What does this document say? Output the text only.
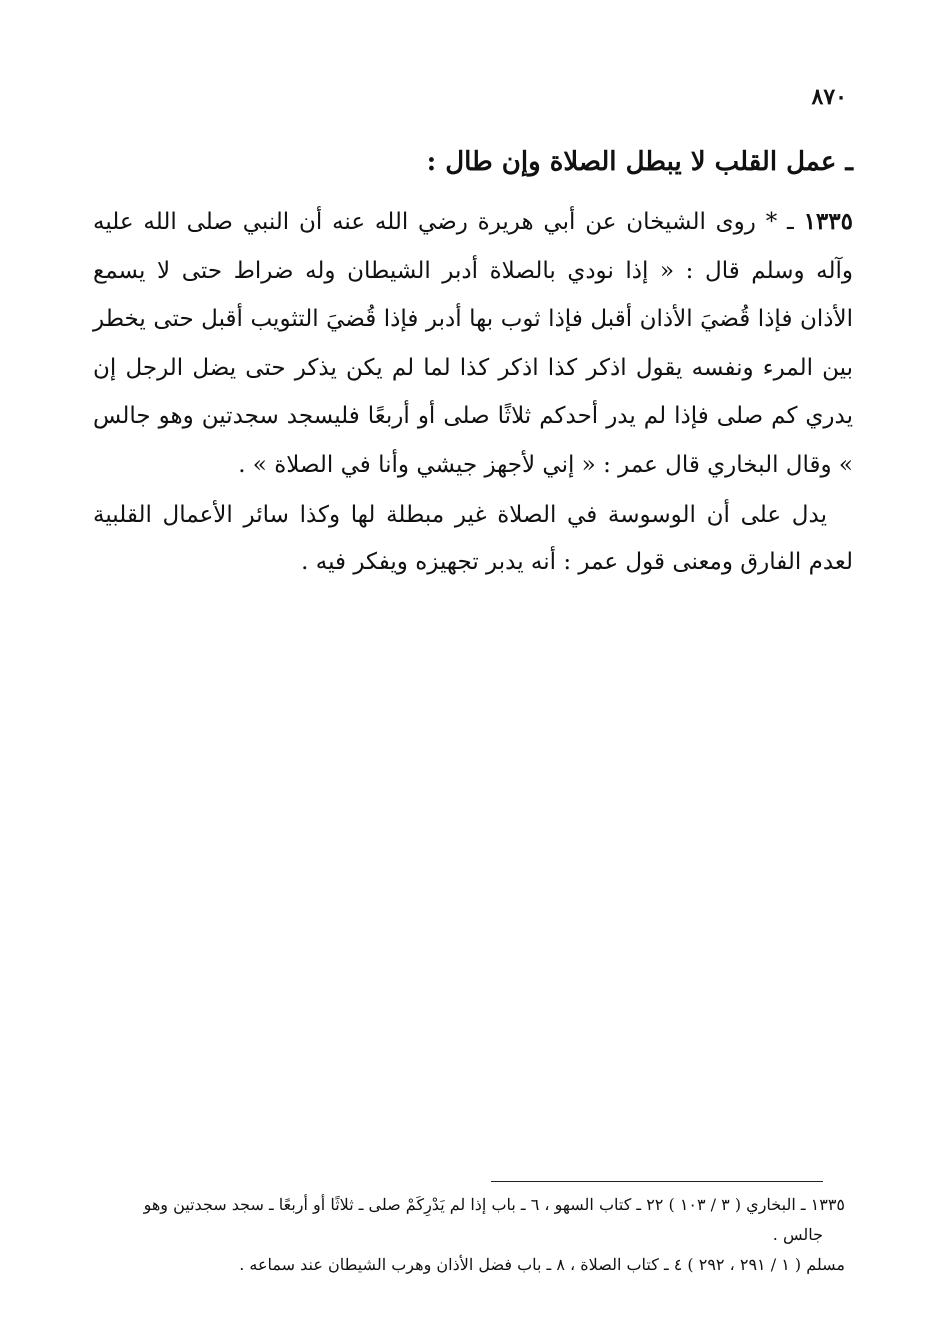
٨٧٠
ـ عمل القلب لا يبطل الصلاة وإن طال :
١٣٣٥ ـ * روى الشيخان عن أبي هريرة رضي الله عنه أن النبي صلى الله عليه وآله وسلم قال : « إذا نودي بالصلاة أدبر الشيطان وله ضراط حتى لا يسمع الأذان فإذا قُضيَ الأذان أقبل فإذا ثوب بها أدبر فإذا قُضيَ التثويب أقبل حتى يخطر بين المرء ونفسه يقول اذكر كذا اذكر كذا لما لم يكن يذكر حتى يضل الرجل إن يدري كم صلى فإذا لم يدر أحدكم ثلاثًا صلى أو أربعًا فليسجد سجدتين وهو جالس » وقال البخاري قال عمر : « إني لأجهز جيشي وأنا في الصلاة » .
يدل على أن الوسوسة في الصلاة غير مبطلة لها وكذا سائر الأعمال القلبية لعدم الفارق ومعنى قول عمر : أنه يدبر تجهيزه ويفكر فيه .

١٣٣٥ ـ البخاري ( ٣ / ١٠٣ ) ٢٢ ـ كتاب السهو ، ٦ ـ باب إذا لم يَدْرِكَمْ صلى ـ ثلاثًا أو أربعًا ـ سجد سجدتين وهو

جالس .

مسلم ( ١ / ٢٩١ ، ٢٩٢ ) ٤ ـ كتاب الصلاة ، ٨ ـ باب فضل الأذان وهرب الشيطان عند سماعه .
